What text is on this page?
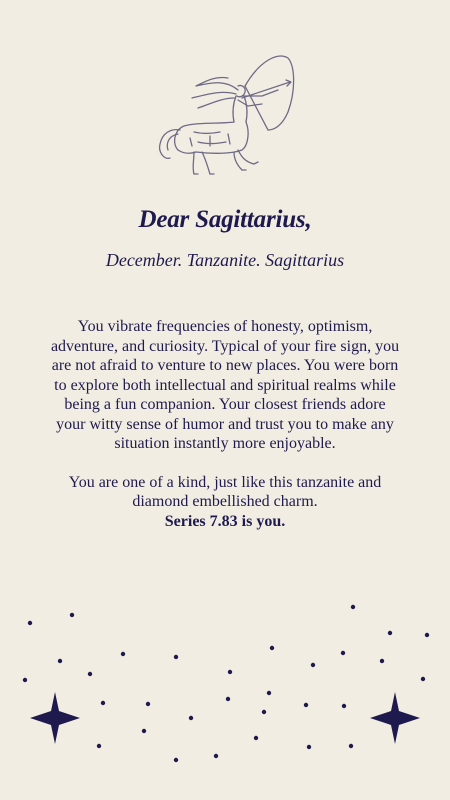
Dear Sagittarius,
December. Tanzanite. Sagittarius

You vibrate frequencies of honesty, optimism, adventure, and curiosity. Typical of your fire sign, you are not afraid to venture to new places. You were born to explore both intellectual and spiritual realms while being a fun companion. Your closest friends adore your witty sense of humor and trust you to make any situation instantly more enjoyable.

You are one of a kind, just like this tanzanite and diamond embellished charm.
Series 7.83 is you.
